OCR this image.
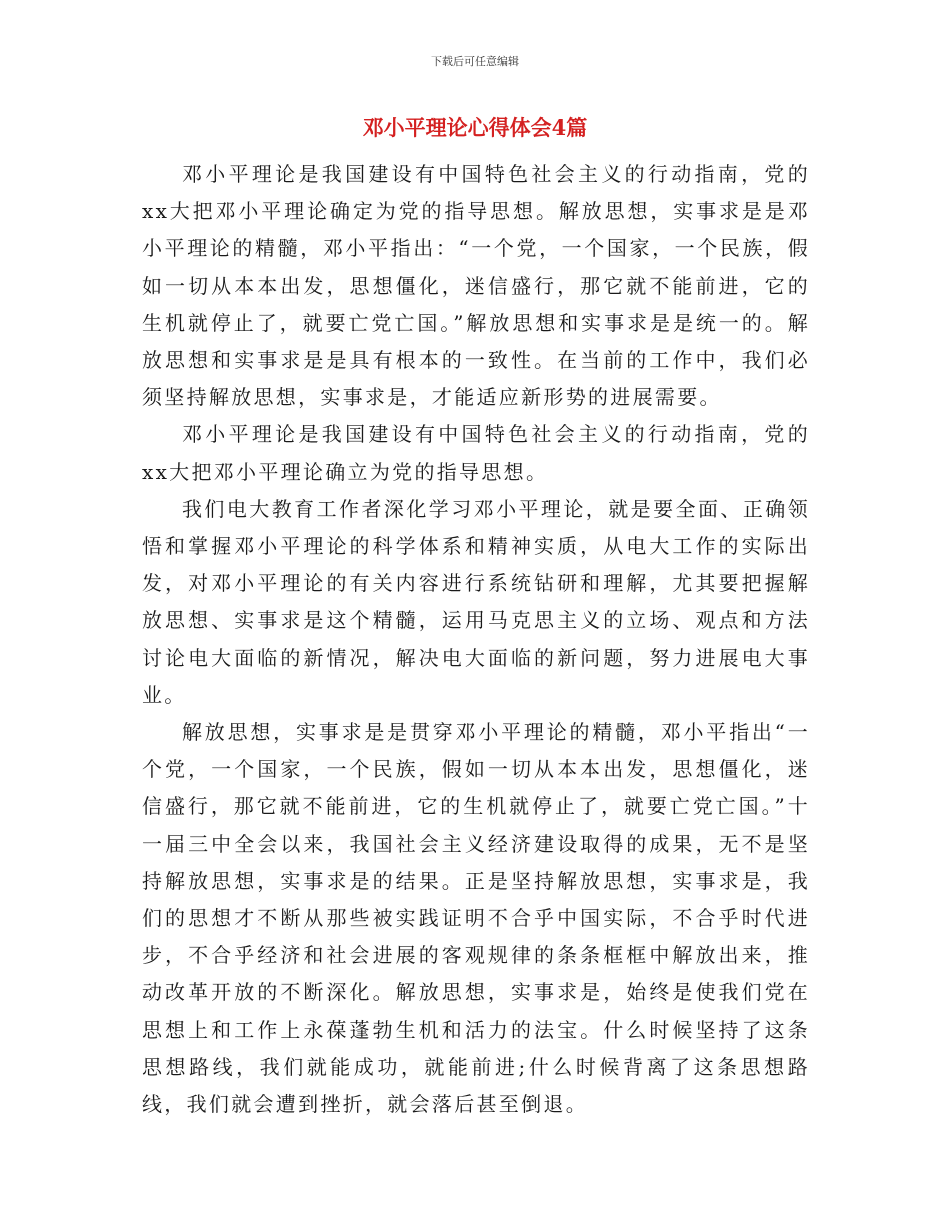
下载后可任意编辑
邓小平理论心得体会4篇

邓小平理论是我国建设有中国特色社会主义的行动指南，党的xx大把邓小平理论确定为党的指导思想。解放思想，实事求是是邓小平理论的精髓，邓小平指出：“一个党，一个国家，一个民族，假如一切从本本出发，思想僵化，迷信盛行，那它就不能前进，它的生机就停止了，就要亡党亡国。”解放思想和实事求是是统一的。解放思想和实事求是是具有根本的一致性。在当前的工作中，我们必须坚持解放思想，实事求是，才能适应新形势的进展需要。

邓小平理论是我国建设有中国特色社会主义的行动指南，党的xx大把邓小平理论确立为党的指导思想。

我们电大教育工作者深化学习邓小平理论，就是要全面、正确领悟和掌握邓小平理论的科学体系和精神实质，从电大工作的实际出发，对邓小平理论的有关内容进行系统钻研和理解，尤其要把握解放思想、实事求是这个精髓，运用马克思主义的立场、观点和方法讨论电大面临的新情况，解决电大面临的新问题，努力进展电大事业。

解放思想，实事求是是贯穿邓小平理论的精髓，邓小平指出“一个党，一个国家，一个民族，假如一切从本本出发，思想僵化，迷信盛行，那它就不能前进，它的生机就停止了，就要亡党亡国。”十一届三中全会以来，我国社会主义经济建设取得的成果，无不是坚持解放思想，实事求是的结果。正是坚持解放思想，实事求是，我们的思想才不断从那些被实践证明不合乎中国实际，不合乎时代进步，不合乎经济和社会进展的客观规律的条条框框中解放出来，推动改革开放的不断深化。解放思想，实事求是，始终是使我们党在思想上和工作上永葆蓬勃生机和活力的法宝。什么时候坚持了这条思想路线，我们就能成功，就能前进;什么时候背离了这条思想路线，我们就会遭到挫折，就会落后甚至倒退。
